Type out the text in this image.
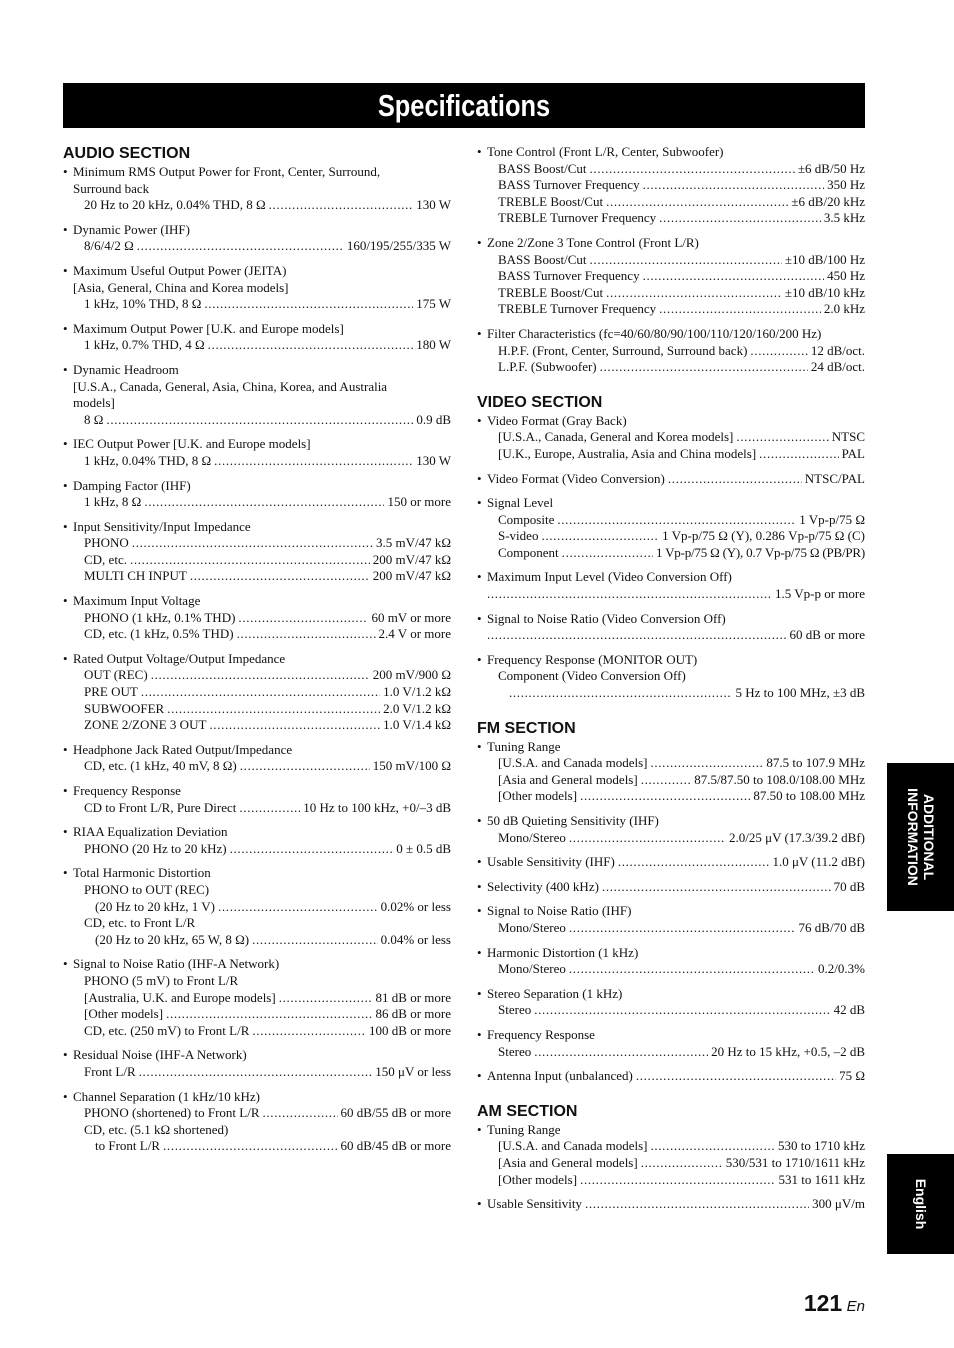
Specifications
AUDIO SECTION
• Minimum RMS Output Power for Front, Center, Surround,
Surround back
20 Hz to 20 kHz, 0.04% THD, 8 Ω . . .	130 W
• Dynamic Power (IHF)
8/6/4/2 Ω . . .	160/195/255/335 W
• Maximum Useful Output Power (JEITA)
[Asia, General, China and Korea models]
1 kHz, 10% THD, 8 Ω . . .	175 W
• Maximum Output Power [U.K. and Europe models]
1 kHz, 0.7% THD, 4 Ω . . .	180 W
• Dynamic Headroom
[U.S.A., Canada, General, Asia, China, Korea, and Australia
models]
8 Ω . . .	0.9 dB
• IEC Output Power [U.K. and Europe models]
1 kHz, 0.04% THD, 8 Ω . . .	130 W
• Damping Factor (IHF)
1 kHz, 8 Ω . . .	150 or more
• Input Sensitivity/Input Impedance
PHONO . . .	3.5 mV/47 kΩ
CD, etc. . . .	200 mV/47 kΩ
MULTI CH INPUT . . .	200 mV/47 kΩ
• Maximum Input Voltage
PHONO (1 kHz, 0.1% THD) . . .	60 mV or more
CD, etc. (1 kHz, 0.5% THD) . . .	2.4 V or more
• Rated Output Voltage/Output Impedance
OUT (REC) . . .	200 mV/900 Ω
PRE OUT . . .	1.0 V/1.2 kΩ
SUBWOOFER . . .	2.0 V/1.2 kΩ
ZONE 2/ZONE 3 OUT . . .	1.0 V/1.4 kΩ
• Headphone Jack Rated Output/Impedance
CD, etc. (1 kHz, 40 mV, 8 Ω) . . .	150 mV/100 Ω
• Frequency Response
CD to Front L/R, Pure Direct . . .	10 Hz to 100 kHz, +0/–3 dB
• RIAA Equalization Deviation
PHONO (20 Hz to 20 kHz) . . .	0 ± 0.5 dB
• Total Harmonic Distortion
PHONO to OUT (REC)
(20 Hz to 20 kHz, 1 V) . . .	0.02% or less
CD, etc. to Front L/R
(20 Hz to 20 kHz, 65 W, 8 Ω) . . .	0.04% or less
• Signal to Noise Ratio (IHF-A Network)
PHONO (5 mV) to Front L/R
[Australia, U.K. and Europe models] . . .	81 dB or more
[Other models] . . .	86 dB or more
CD, etc. (250 mV) to Front L/R . . .	100 dB or more
• Residual Noise (IHF-A Network)
Front L/R . . .	150 μV or less
• Channel Separation (1 kHz/10 kHz)
PHONO (shortened) to Front L/R . . .	60 dB/55 dB or more
CD, etc. (5.1 kΩ shortened)
to Front L/R . . .	60 dB/45 dB or more
• Tone Control (Front L/R, Center, Subwoofer)
BASS Boost/Cut . . .	±6 dB/50 Hz
BASS Turnover Frequency . . .	350 Hz
TREBLE Boost/Cut . . .	±6 dB/20 kHz
TREBLE Turnover Frequency . . .	3.5 kHz
• Zone 2/Zone 3 Tone Control (Front L/R)
BASS Boost/Cut . . .	±10 dB/100 Hz
BASS Turnover Frequency . . .	450 Hz
TREBLE Boost/Cut . . .	±10 dB/10 kHz
TREBLE Turnover Frequency . . .	2.0 kHz
• Filter Characteristics (fc=40/60/80/90/100/110/120/160/200 Hz)
H.P.F. (Front, Center, Surround, Surround back) . . .	12 dB/oct.
L.P.F. (Subwoofer) . . .	24 dB/oct.
VIDEO SECTION
• Video Format (Gray Back)
[U.S.A., Canada, General and Korea models] . . .	NTSC
[U.K., Europe, Australia, Asia and China models] . . .	PAL
• Video Format (Video Conversion) . . .	NTSC/PAL
• Signal Level
Composite . . .	1 Vp-p/75 Ω
S-video . . .	1 Vp-p/75 Ω (Y), 0.286 Vp-p/75 Ω (C)
Component . . .	1 Vp-p/75 Ω (Y), 0.7 Vp-p/75 Ω (PB/PR)
• Maximum Input Level (Video Conversion Off)
. . .
1.5 Vp-p or more
• Signal to Noise Ratio (Video Conversion Off)
. . .
60 dB or more
• Frequency Response (MONITOR OUT)
Component (Video Conversion Off)
. . .
5 Hz to 100 MHz, ±3 dB
FM SECTION
• Tuning Range
[U.S.A. and Canada models] . . .	87.5 to 107.9 MHz
[Asia and General models] . . .	87.5/87.50 to 108.0/108.00 MHz
[Other models] . . .	87.50 to 108.00 MHz
• 50 dB Quieting Sensitivity (IHF)
Mono/Stereo . . .	2.0/25 μV (17.3/39.2 dBf)
• Usable Sensitivity (IHF) . . .	1.0 μV (11.2 dBf)
• Selectivity (400 kHz) . . .	70 dB
• Signal to Noise Ratio (IHF)
Mono/Stereo . . .	76 dB/70 dB
• Harmonic Distortion (1 kHz)
Mono/Stereo . . .	0.2/0.3%
• Stereo Separation (1 kHz)
Stereo . . .	42 dB
• Frequency Response
Stereo . . .	20 Hz to 15 kHz, +0.5, –2 dB
• Antenna Input (unbalanced) . . .	75 Ω
AM SECTION
• Tuning Range
[U.S.A. and Canada models] . . .	530 to 1710 kHz
[Asia and General models] . . .	530/531 to 1710/1611 kHz
[Other models] . . .	531 to 1611 kHz
• Usable Sensitivity . . .	300 μV/m
ADDITIONAL
INFORMATION
English
121 En
